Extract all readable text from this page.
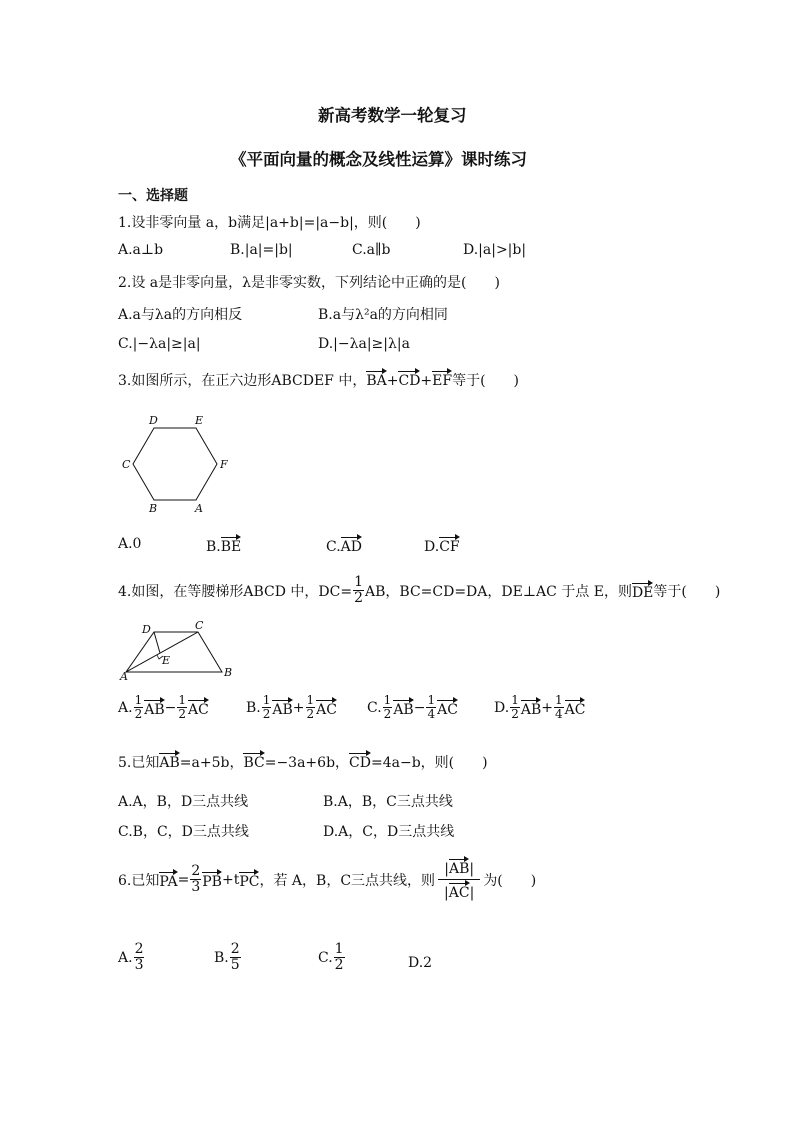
新高考数学一轮复习
《平面向量的概念及线性运算》课时练习
一、选择题
1.设非零向量 a，b满足|a+b|=|a−b|，则(　　)
A.a⊥b	B.|a|=|b|	C.a∥b	D.|a|>|b|
2.设 a是非零向量，λ是非零实数，下列结论中正确的是(　　)
A.a与λa的方向相反	B.a与λ²a的方向相同
C.|−λa|≥|a|	D.|−λa|≥|λ|a
3.如图所示，在正六边形ABCDEF 中，BA+CD+EF等于(　　)
D	E
C	F
B	A
A.0	B.BE	C.AD	D.CF
4.如图，在等腰梯形ABCD 中，$DC= \frac{1}{2}$ AB，BC=CD=DA，DE⊥AC 于点 E，则 DE 等于(　　)
D	C
E
A	B
A. $\frac{1}{2}$ AB − $\frac{1}{2}$ AC	B. $\frac{1}{2}$ AB + $\frac{1}{2}$ AC C. $\frac{1}{2}$ AB − $\frac{1}{4}$ AC	D. $\frac{1}{2}$ AB + $\frac{1}{4}$ AC
5.已知AB=a+5b，BC=−3a+6b，CD=4a−b，则(　　)
A.A，B，D三点共线	B.A，B，C三点共线
C.B，C，D三点共线	D.A，C，D三点共线
6.已知 PA = $\frac{2}{3}$ PB +t PC ，若 A，B，C三点共线，则 $\frac{|AB|}{|AC|}$ 为(　　)
A. $\frac{2}{3}$	B. $\frac{2}{5}$	C. $\frac{1}{2}$	D.2
